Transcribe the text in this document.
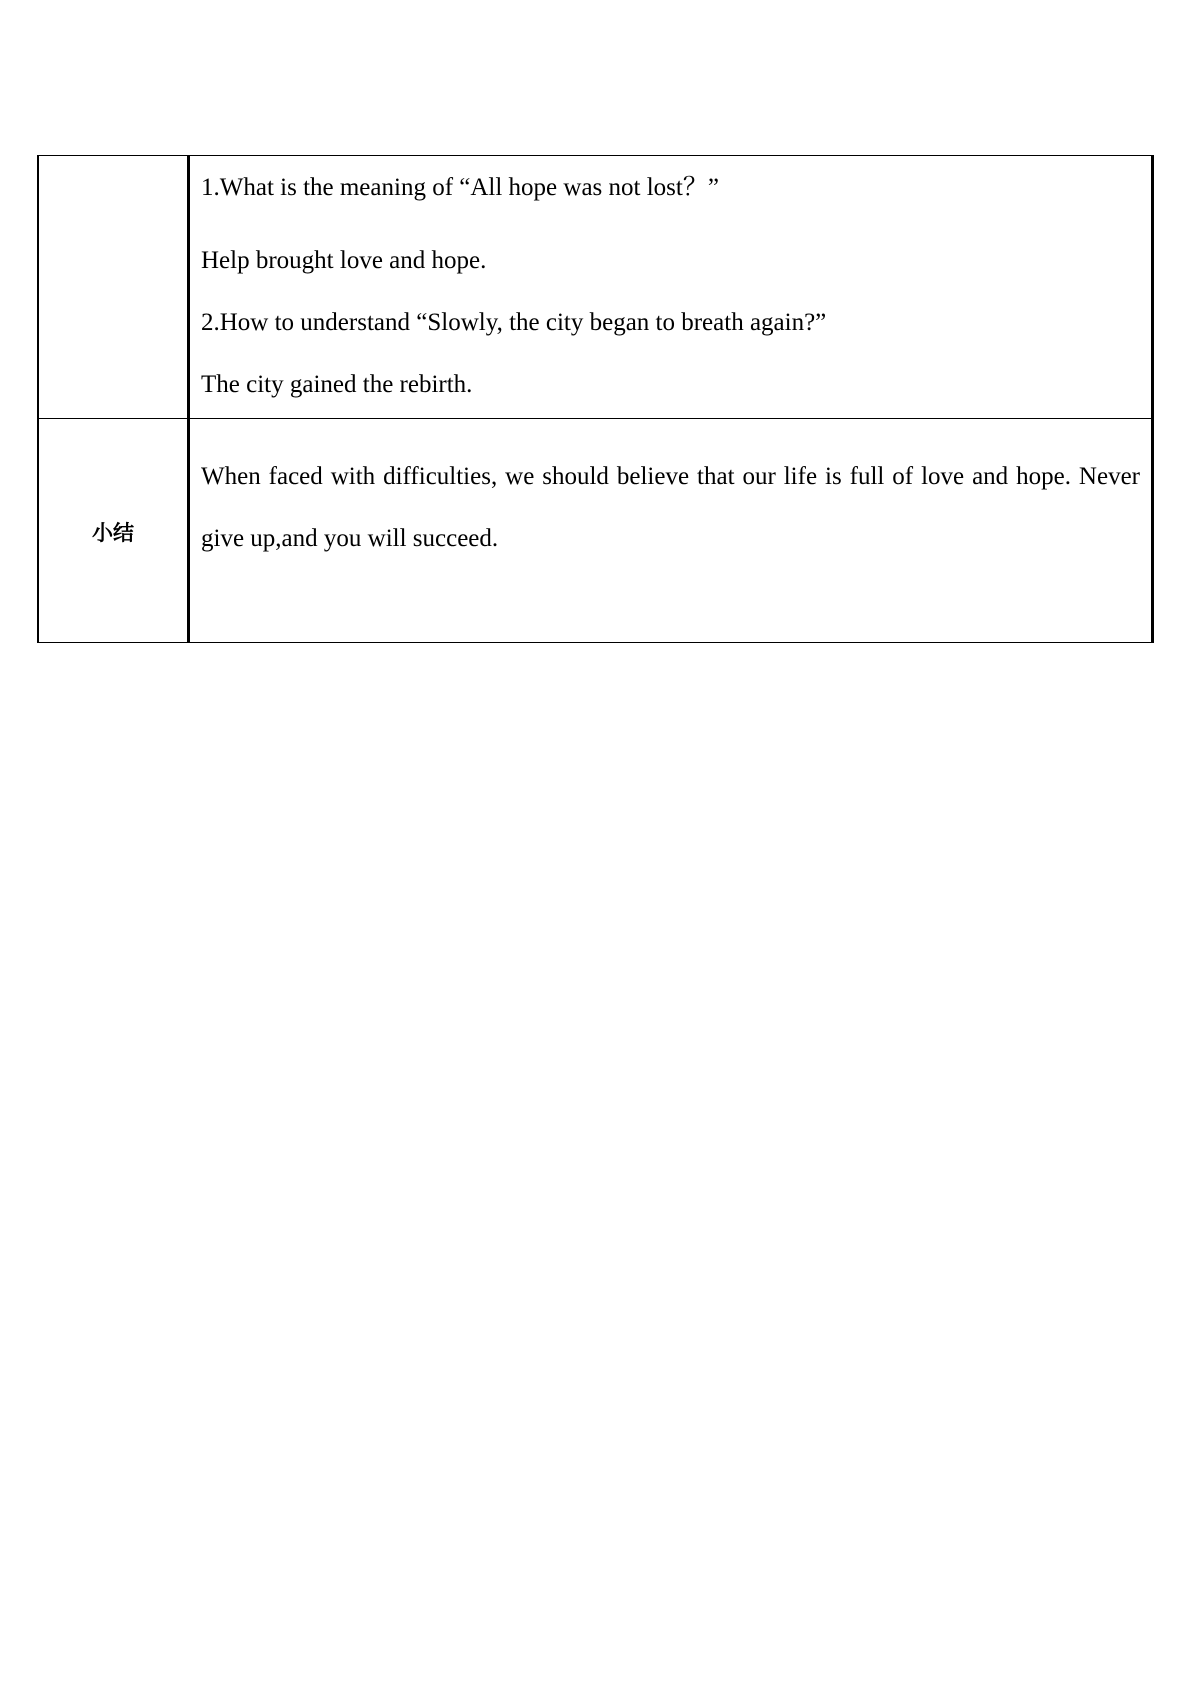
	1.What is the meaning of “All hope was not lost？”

Help brought love and hope.

2.How to understand “Slowly, the city began to breath again?”

The city gained the rebirth.

小结	When faced with difficulties, we should believe that our life is full of love and hope. Never give up,and you will succeed.
